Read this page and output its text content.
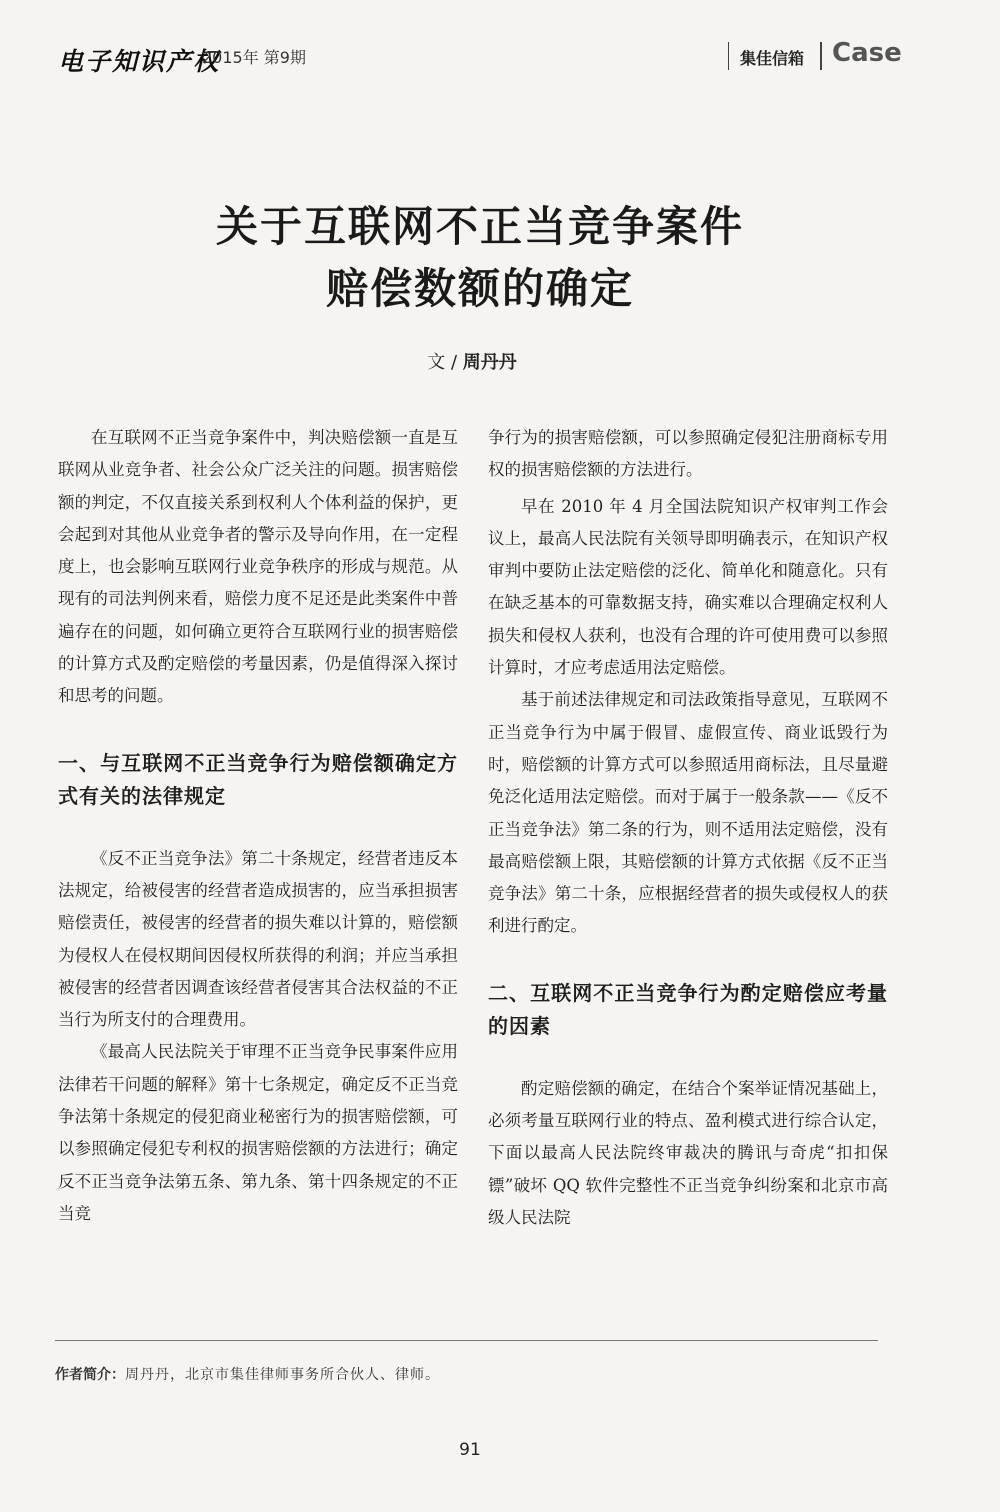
电子知识产权
2015年 第9期	集佳信箱 Case
关于互联网不正当竞争案件
赔偿数额的确定
文 / 周丹丹

在互联网不正当竞争案件中，判决赔偿额一直是互联网从业竞争者、社会公众广泛关注的问题。损害赔偿额的判定，不仅直接关系到权利人个体利益的保护，更会起到对其他从业竞争者的警示及导向作用，在一定程度上，也会影响互联网行业竞争秩序的形成与规范。从现有的司法判例来看，赔偿力度不足还是此类案件中普遍存在的问题，如何确立更符合互联网行业的损害赔偿的计算方式及酌定赔偿的考量因素，仍是值得深入探讨和思考的问题。

一、与互联网不正当竞争行为赔偿额确定方式有关的法律规定

《反不正当竞争法》第二十条规定，经营者违反本法规定，给被侵害的经营者造成损害的，应当承担损害赔偿责任，被侵害的经营者的损失难以计算的，赔偿额为侵权人在侵权期间因侵权所获得的利润；并应当承担被侵害的经营者因调查该经营者侵害其合法权益的不正当行为所支付的合理费用。

《最高人民法院关于审理不正当竞争民事案件应用法律若干问题的解释》第十七条规定，确定反不正当竞争法第十条规定的侵犯商业秘密行为的损害赔偿额，可以参照确定侵犯专利权的损害赔偿额的方法进行；确定反不正当竞争法第五条、第九条、第十四条规定的不正当竞

争行为的损害赔偿额，可以参照确定侵犯注册商标专用权的损害赔偿额的方法进行。

早在 2010 年 4 月全国法院知识产权审判工作会议上，最高人民法院有关领导即明确表示，在知识产权审判中要防止法定赔偿的泛化、简单化和随意化。只有在缺乏基本的可靠数据支持，确实难以合理确定权利人损失和侵权人获利，也没有合理的许可使用费可以参照计算时，才应考虑适用法定赔偿。

基于前述法律规定和司法政策指导意见，互联网不正当竞争行为中属于假冒、虚假宣传、商业诋毁行为时，赔偿额的计算方式可以参照适用商标法，且尽量避免泛化适用法定赔偿。而对于属于一般条款——《反不正当竞争法》第二条的行为，则不适用法定赔偿，没有最高赔偿额上限，其赔偿额的计算方式依据《反不正当竞争法》第二十条，应根据经营者的损失或侵权人的获利进行酌定。

二、互联网不正当竞争行为酌定赔偿应考量的因素

酌定赔偿额的确定，在结合个案举证情况基础上，必须考量互联网行业的特点、盈利模式进行综合认定，下面以最高人民法院终审裁决的腾讯与奇虎“扣扣保镖”破坏 QQ 软件完整性不正当竞争纠纷案和北京市高级人民法院

作者简介：周丹丹，北京市集佳律师事务所合伙人、律师。
91
